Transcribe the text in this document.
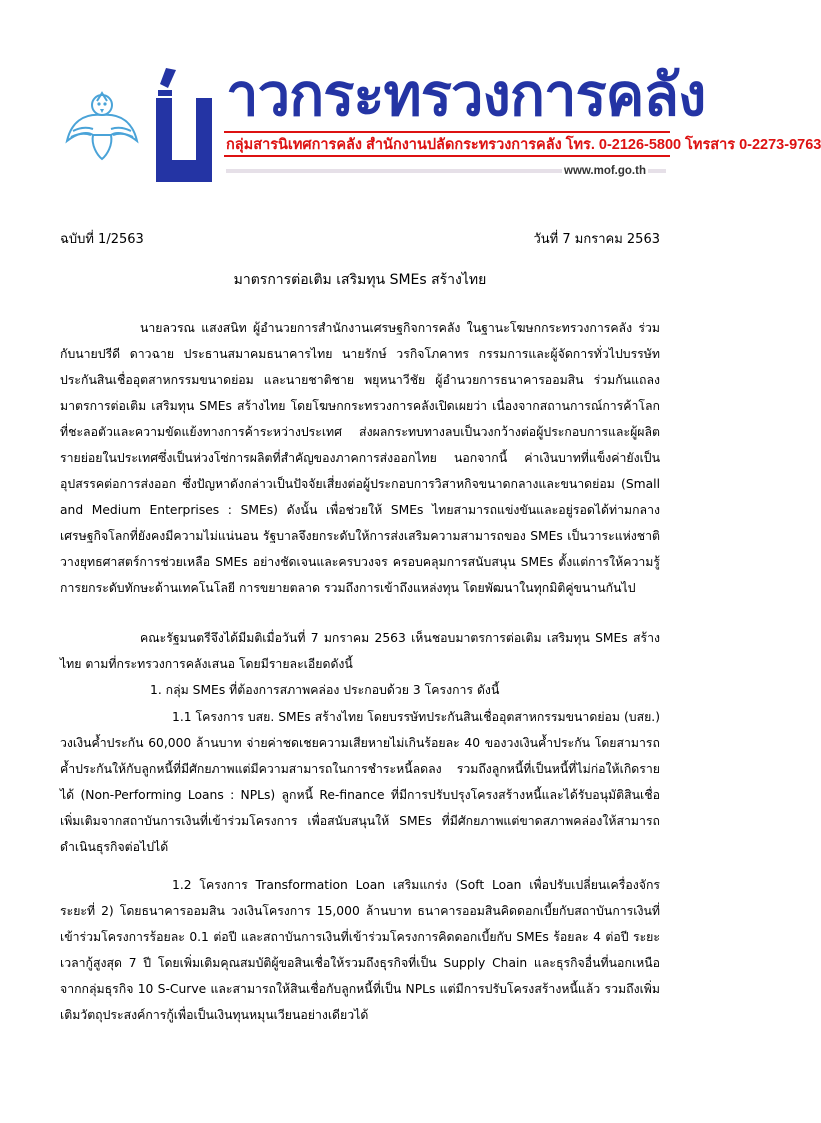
าวกระทรวงการคลัง
กลุ่มสารนิเทศการคลัง สำนักงานปลัดกระทรวงการคลัง โทร. 0-2126-5800 โทรสาร 0-2273-9763
www.mof.go.th
ฉบับที่ 1/2563	วันที่ 7 มกราคม 2563
มาตรการต่อเติม เสริมทุน SMEs สร้างไทย

นายลวรณ แสงสนิท ผู้อำนวยการสำนักงานเศรษฐกิจการคลัง ในฐานะโฆษกกระทรวงการคลัง ร่วมกับนายปรีดี ดาวฉาย ประธานสมาคมธนาคารไทย นายรักษ์ วรกิจโภคาทร กรรมการและผู้จัดการทั่วไปบรรษัทประกันสินเชื่ออุตสาหกรรมขนาดย่อม และนายชาติชาย พยุหนาวีชัย ผู้อำนวยการธนาคารออมสิน ร่วมกันแถลงมาตรการต่อเติม เสริมทุน SMEs สร้างไทย โดยโฆษกกระทรวงการคลังเปิดเผยว่า เนื่องจากสถานการณ์การค้าโลกที่ชะลอตัวและความขัดแย้งทางการค้าระหว่างประเทศ ส่งผลกระทบทางลบเป็นวงกว้างต่อผู้ประกอบการและผู้ผลิตรายย่อยในประเทศซึ่งเป็นห่วงโซ่การผลิตที่สำคัญของภาคการส่งออกไทย นอกจากนี้ ค่าเงินบาทที่แข็งค่ายังเป็นอุปสรรคต่อการส่งออก ซึ่งปัญหาดังกล่าวเป็นปัจจัยเสี่ยงต่อผู้ประกอบการวิสาหกิจขนาดกลางและขนาดย่อม (Small and Medium Enterprises : SMEs) ดังนั้น เพื่อช่วยให้ SMEs ไทยสามารถแข่งขันและอยู่รอดได้ท่ามกลางเศรษฐกิจโลกที่ยังคงมีความไม่แน่นอน รัฐบาลจึงยกระดับให้การส่งเสริมความสามารถของ SMEs เป็นวาระแห่งชาติ วางยุทธศาสตร์การช่วยเหลือ SMEs อย่างชัดเจนและครบวงจร ครอบคลุมการสนับสนุน SMEs ตั้งแต่การให้ความรู้ การยกระดับทักษะด้านเทคโนโลยี การขยายตลาด รวมถึงการเข้าถึงแหล่งทุน โดยพัฒนาในทุกมิติคู่ขนานกันไป

คณะรัฐมนตรีจึงได้มีมติเมื่อวันที่ 7 มกราคม 2563 เห็นชอบมาตรการต่อเติม เสริมทุน SMEs สร้างไทย ตามที่กระทรวงการคลังเสนอ โดยมีรายละเอียดดังนี้

1. กลุ่ม SMEs ที่ต้องการสภาพคล่อง ประกอบด้วย 3 โครงการ ดังนี้

1.1 โครงการ บสย. SMEs สร้างไทย โดยบรรษัทประกันสินเชื่ออุตสาหกรรมขนาดย่อม (บสย.) วงเงินค้ำประกัน 60,000 ล้านบาท จ่ายค่าชดเชยความเสียหายไม่เกินร้อยละ 40 ของวงเงินค้ำประกัน โดยสามารถค้ำประกันให้กับลูกหนี้ที่มีศักยภาพแต่มีความสามารถในการชำระหนี้ลดลง รวมถึงลูกหนี้ที่เป็นหนี้ที่ไม่ก่อให้เกิดรายได้ (Non-Performing Loans : NPLs) ลูกหนี้ Re-finance ที่มีการปรับปรุงโครงสร้างหนี้และได้รับอนุมัติสินเชื่อเพิ่มเติมจากสถาบันการเงินที่เข้าร่วมโครงการ เพื่อสนับสนุนให้ SMEs ที่มีศักยภาพแต่ขาดสภาพคล่องให้สามารถดำเนินธุรกิจต่อไปได้

1.2 โครงการ Transformation Loan เสริมแกร่ง (Soft Loan เพื่อปรับเปลี่ยนเครื่องจักร ระยะที่ 2) โดยธนาคารออมสิน วงเงินโครงการ 15,000 ล้านบาท ธนาคารออมสินคิดดอกเบี้ยกับสถาบันการเงินที่เข้าร่วมโครงการร้อยละ 0.1 ต่อปี และสถาบันการเงินที่เข้าร่วมโครงการคิดดอกเบี้ยกับ SMEs ร้อยละ 4 ต่อปี ระยะเวลากู้สูงสุด 7 ปี โดยเพิ่มเติมคุณสมบัติผู้ขอสินเชื่อให้รวมถึงธุรกิจที่เป็น Supply Chain และธุรกิจอื่นที่นอกเหนือจากกลุ่มธุรกิจ 10 S-Curve และสามารถให้สินเชื่อกับลูกหนี้ที่เป็น NPLs แต่มีการปรับโครงสร้างหนี้แล้ว รวมถึงเพิ่มเติมวัตถุประสงค์การกู้เพื่อเป็นเงินทุนหมุนเวียนอย่างเดียวได้
